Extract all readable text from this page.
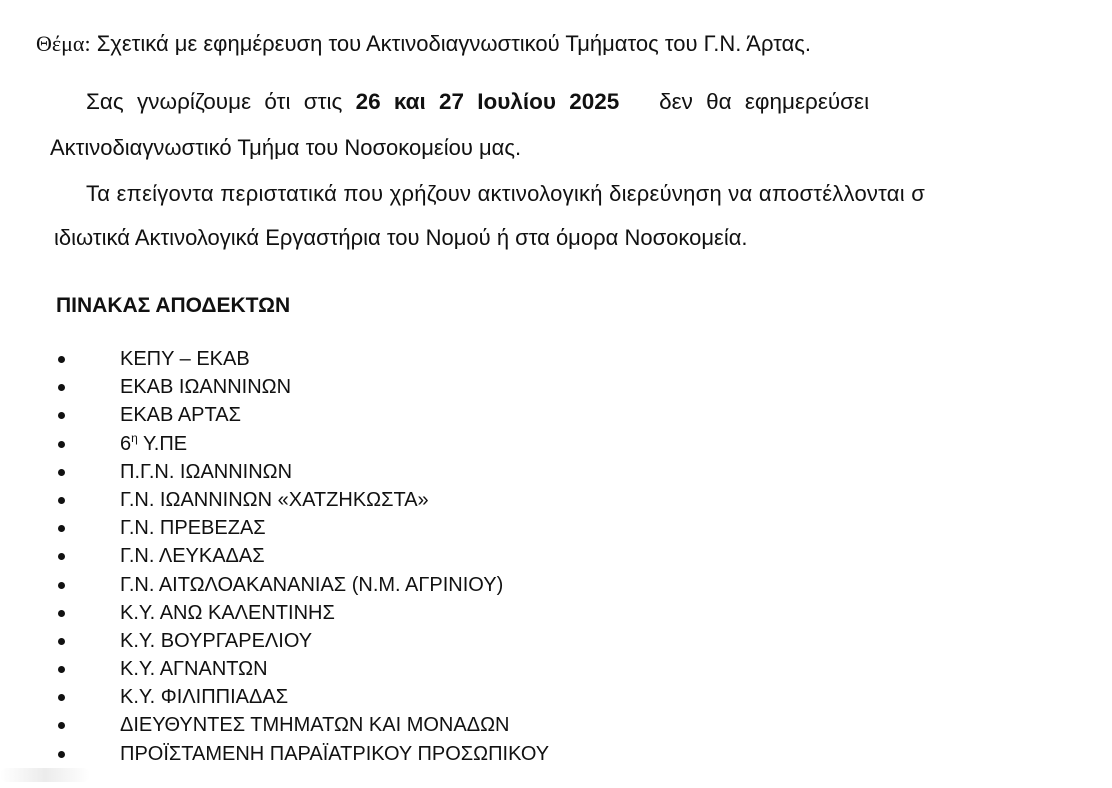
Θέμα: Σχετικά με εφημέρευση του Ακτινοδιαγνωστικού Τμήματος του Γ.Ν. Άρτας.
Σας γνωρίζουμε ότι στις 26 και 27 Ιουλίου 2025 δεν θα εφημερεύσει
Ακτινοδιαγνωστικό Τμήμα του Νοσοκομείου μας.
Τα επείγοντα περιστατικά που χρήζουν ακτινολογική διερεύνηση να αποστέλλονται σ
ιδιωτικά Ακτινολογικά Εργαστήρια του Νομού ή στα όμορα Νοσοκομεία.
ΠΙΝΑΚΑΣ ΑΠΟΔΕΚΤΩΝ
ΚΕΠΥ – ΕΚΑΒ
ΕΚΑΒ ΙΩΑΝΝΙΝΩΝ
ΕΚΑΒ ΑΡΤΑΣ
$6^\eta$ Υ.ΠΕ
Π.Γ.Ν. ΙΩΑΝΝΙΝΩΝ
Γ.Ν. ΙΩΑΝΝΙΝΩΝ «ΧΑΤΖΗΚΩΣΤΑ»
Γ.Ν. ΠΡΕΒΕΖΑΣ
Γ.Ν. ΛΕΥΚΑΔΑΣ
Γ.Ν. ΑΙΤΩΛΟΑΚΑΝΑΝΙΑΣ (Ν.Μ. ΑΓΡΙΝΙΟΥ)
Κ.Υ. ΑΝΩ ΚΑΛΕΝΤΙΝΗΣ
Κ.Υ. ΒΟΥΡΓΑΡΕΛΙΟΥ
Κ.Υ. ΑΓΝΑΝΤΩΝ
Κ.Υ. ΦΙΛΙΠΠΙΑΔΑΣ
ΔΙΕΥΘΥΝΤΕΣ ΤΜΗΜΑΤΩΝ ΚΑΙ ΜΟΝΑΔΩΝ
ΠΡΟΪΣΤΑΜΕΝΗ ΠΑΡΑΪΑΤΡΙΚΟΥ ΠΡΟΣΩΠΙΚΟΥ
